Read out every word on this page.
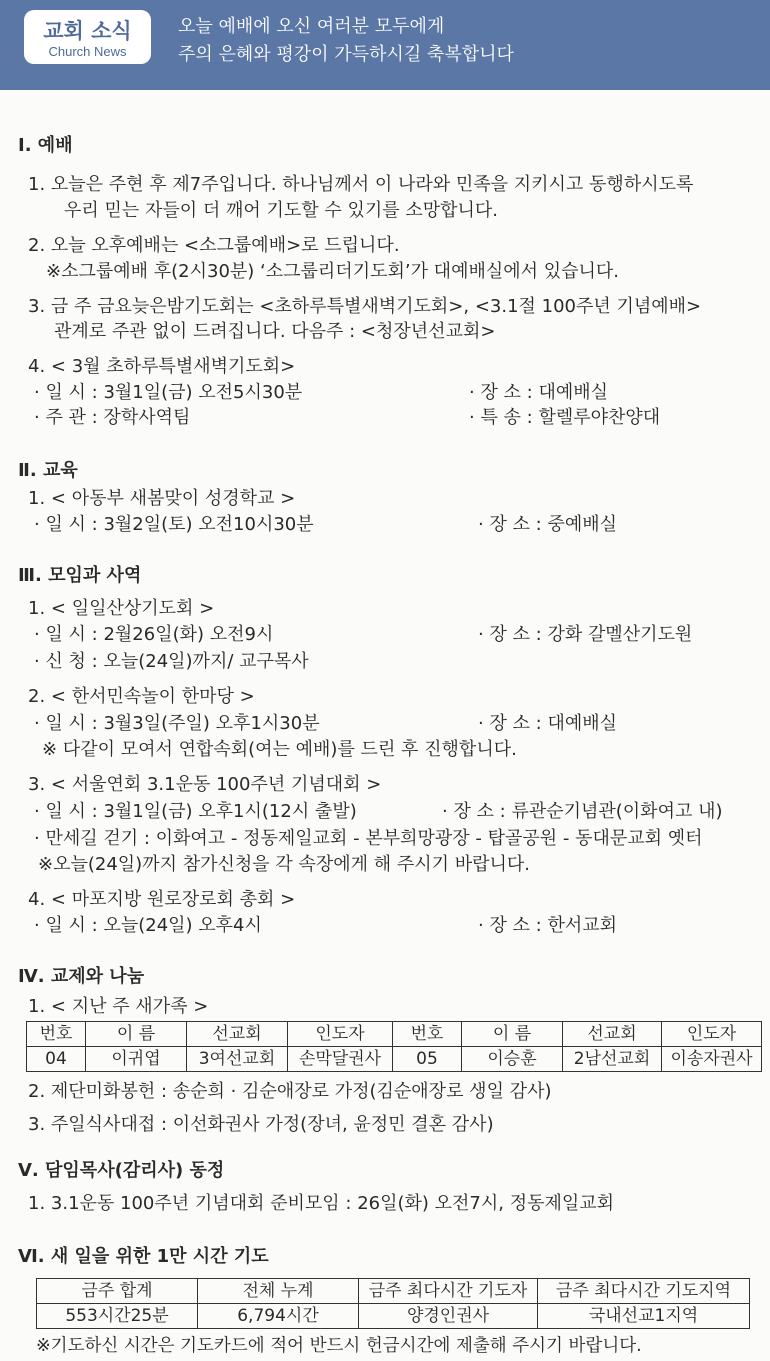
교회 소식
Church News
오늘 예배에 오신 여러분 모두에게
주의 은혜와 평강이 가득하시길 축복합니다
Ⅰ. 예배
1. 오늘은 주현 후 제7주입니다. 하나님께서 이 나라와 민족을 지키시고 동행하시도록
우리 믿는 자들이 더 깨어 기도할 수 있기를 소망합니다.
2. 오늘 오후예배는 <소그룹예배>로 드립니다.
※소그룹예배 후(2시30분) ‘소그룹리더기도회’가 대예배실에서 있습니다.
3. 금 주 금요늦은밤기도회는 <초하루특별새벽기도회>, <3.1절 100주년 기념예배>
관계로 주관 없이 드려집니다. 다음주 : <청장년선교회>
4. < 3월 초하루특별새벽기도회>
· 일 시 : 3월1일(금) 오전5시30분	· 장 소 : 대예배실
· 주 관 : 장학사역팀	· 특 송 : 할렐루야찬양대
Ⅱ. 교육
1. < 아동부 새봄맞이 성경학교 >
· 일 시 : 3월2일(토) 오전10시30분	· 장 소 : 중예배실
Ⅲ. 모임과 사역
1. < 일일산상기도회 >
· 일 시 : 2월26일(화) 오전9시	· 장 소 : 강화 갈멜산기도원
· 신 청 : 오늘(24일)까지/ 교구목사
2. < 한서민속놀이 한마당 >
· 일 시 : 3월3일(주일) 오후1시30분	· 장 소 : 대예배실
※ 다같이 모여서 연합속회(여는 예배)를 드린 후 진행합니다.
3. < 서울연회 3.1운동 100주년 기념대회 >
· 일 시 : 3월1일(금) 오후1시(12시 출발)	· 장 소 : 류관순기념관(이화여고 내)
· 만세길 걷기 : 이화여고 - 정동제일교회 - 본부희망광장 - 탑골공원 - 동대문교회 옛터
※오늘(24일)까지 참가신청을 각 속장에게 해 주시기 바랍니다.
4. < 마포지방 원로장로회 총회 >
· 일 시 : 오늘(24일) 오후4시	· 장 소 : 한서교회
Ⅳ. 교제와 나눔
1. < 지난 주 새가족 >
번호	이 름	선교회	인도자	번호	이 름	선교회	인도자
04	이귀엽	3여선교회	손막달권사	05	이승훈	2남선교회	이송자권사
2. 제단미화봉헌 : 송순희 · 김순애장로 가정(김순애장로 생일 감사)
3. 주일식사대접 : 이선화권사 가정(장녀, 윤정민 결혼 감사)
Ⅴ. 담임목사(감리사) 동정
1. 3.1운동 100주년 기념대회 준비모임 : 26일(화) 오전7시, 정동제일교회
Ⅵ. 새 일을 위한 1만 시간 기도
금주 합계	전체 누계	금주 최다시간 기도자	금주 최다시간 기도지역
553시간25분	6,794시간	양경인권사	국내선교1지역
※기도하신 시간은 기도카드에 적어 반드시 헌금시간에 제출해 주시기 바랍니다.
